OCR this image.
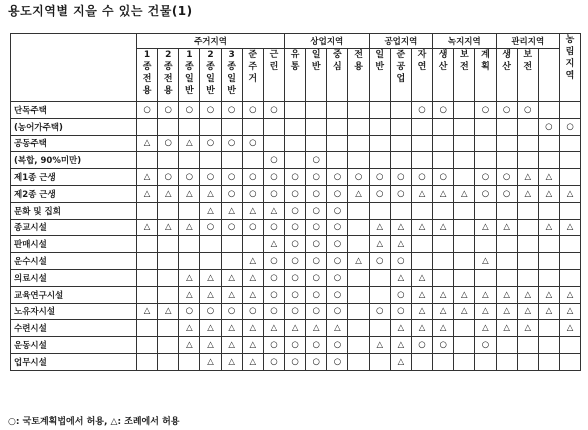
용도지역별 지을 수 있는 건물(1)
	주거지역							상업지역				공업지역			녹지지역			관리지역			농림지역	
	1종전용	2종전용	1종일반	2종일반	3종일반	준주거	근린	유통	일반	중심	전용	일반	준공업	자연	생산	보전	계획	생산	보전			
단독주택	○	○	○	○	○	○	○							○	○		○	○	○			
(농어가주택)																				○	○	
공동주택	△	○	△	○	○	○																
(복합, 90%미만)							○		○													
제1종 근생	△	○	○	○	○	○	○	○	○	○	○	○	○	○	○		○	○	△	△		
제2종 근생	△	△	△	△	○	○	○	○	○	○	△	○	○	△	△	△	○	○	△	△	△	
문화 및 집회				△	△	△	△	○	○	○												
종교시설	△	△	△	○	○	○	○	○	○	○		△	△	△	△		△	△		△	△	
판매시설							△	○	○	○		△	△									
운수시설						△	○	○	○	○	△	○	○				△					
의료시설			△	△	△	△	○	○	○	○			△	△								
교육연구시설			△	△	△	△	○	○	○	○			○	△	△	△	△	△	△	△	△	
노유자시설	△	△	○	○	○	○	○	○	○	○		○	○	△	△	△	△	△	△	△	△	
수련시설			△	△	△	△	△	△	△	△			△	△	△		△	△	△		△	
운동시설			△	△	△	△	○	○	○	○		△	△	○	○		○					
업무시설				△	△	△	○	○	○	○			△									
○: 국토계획법에서 허용, △: 조례에서 허용
